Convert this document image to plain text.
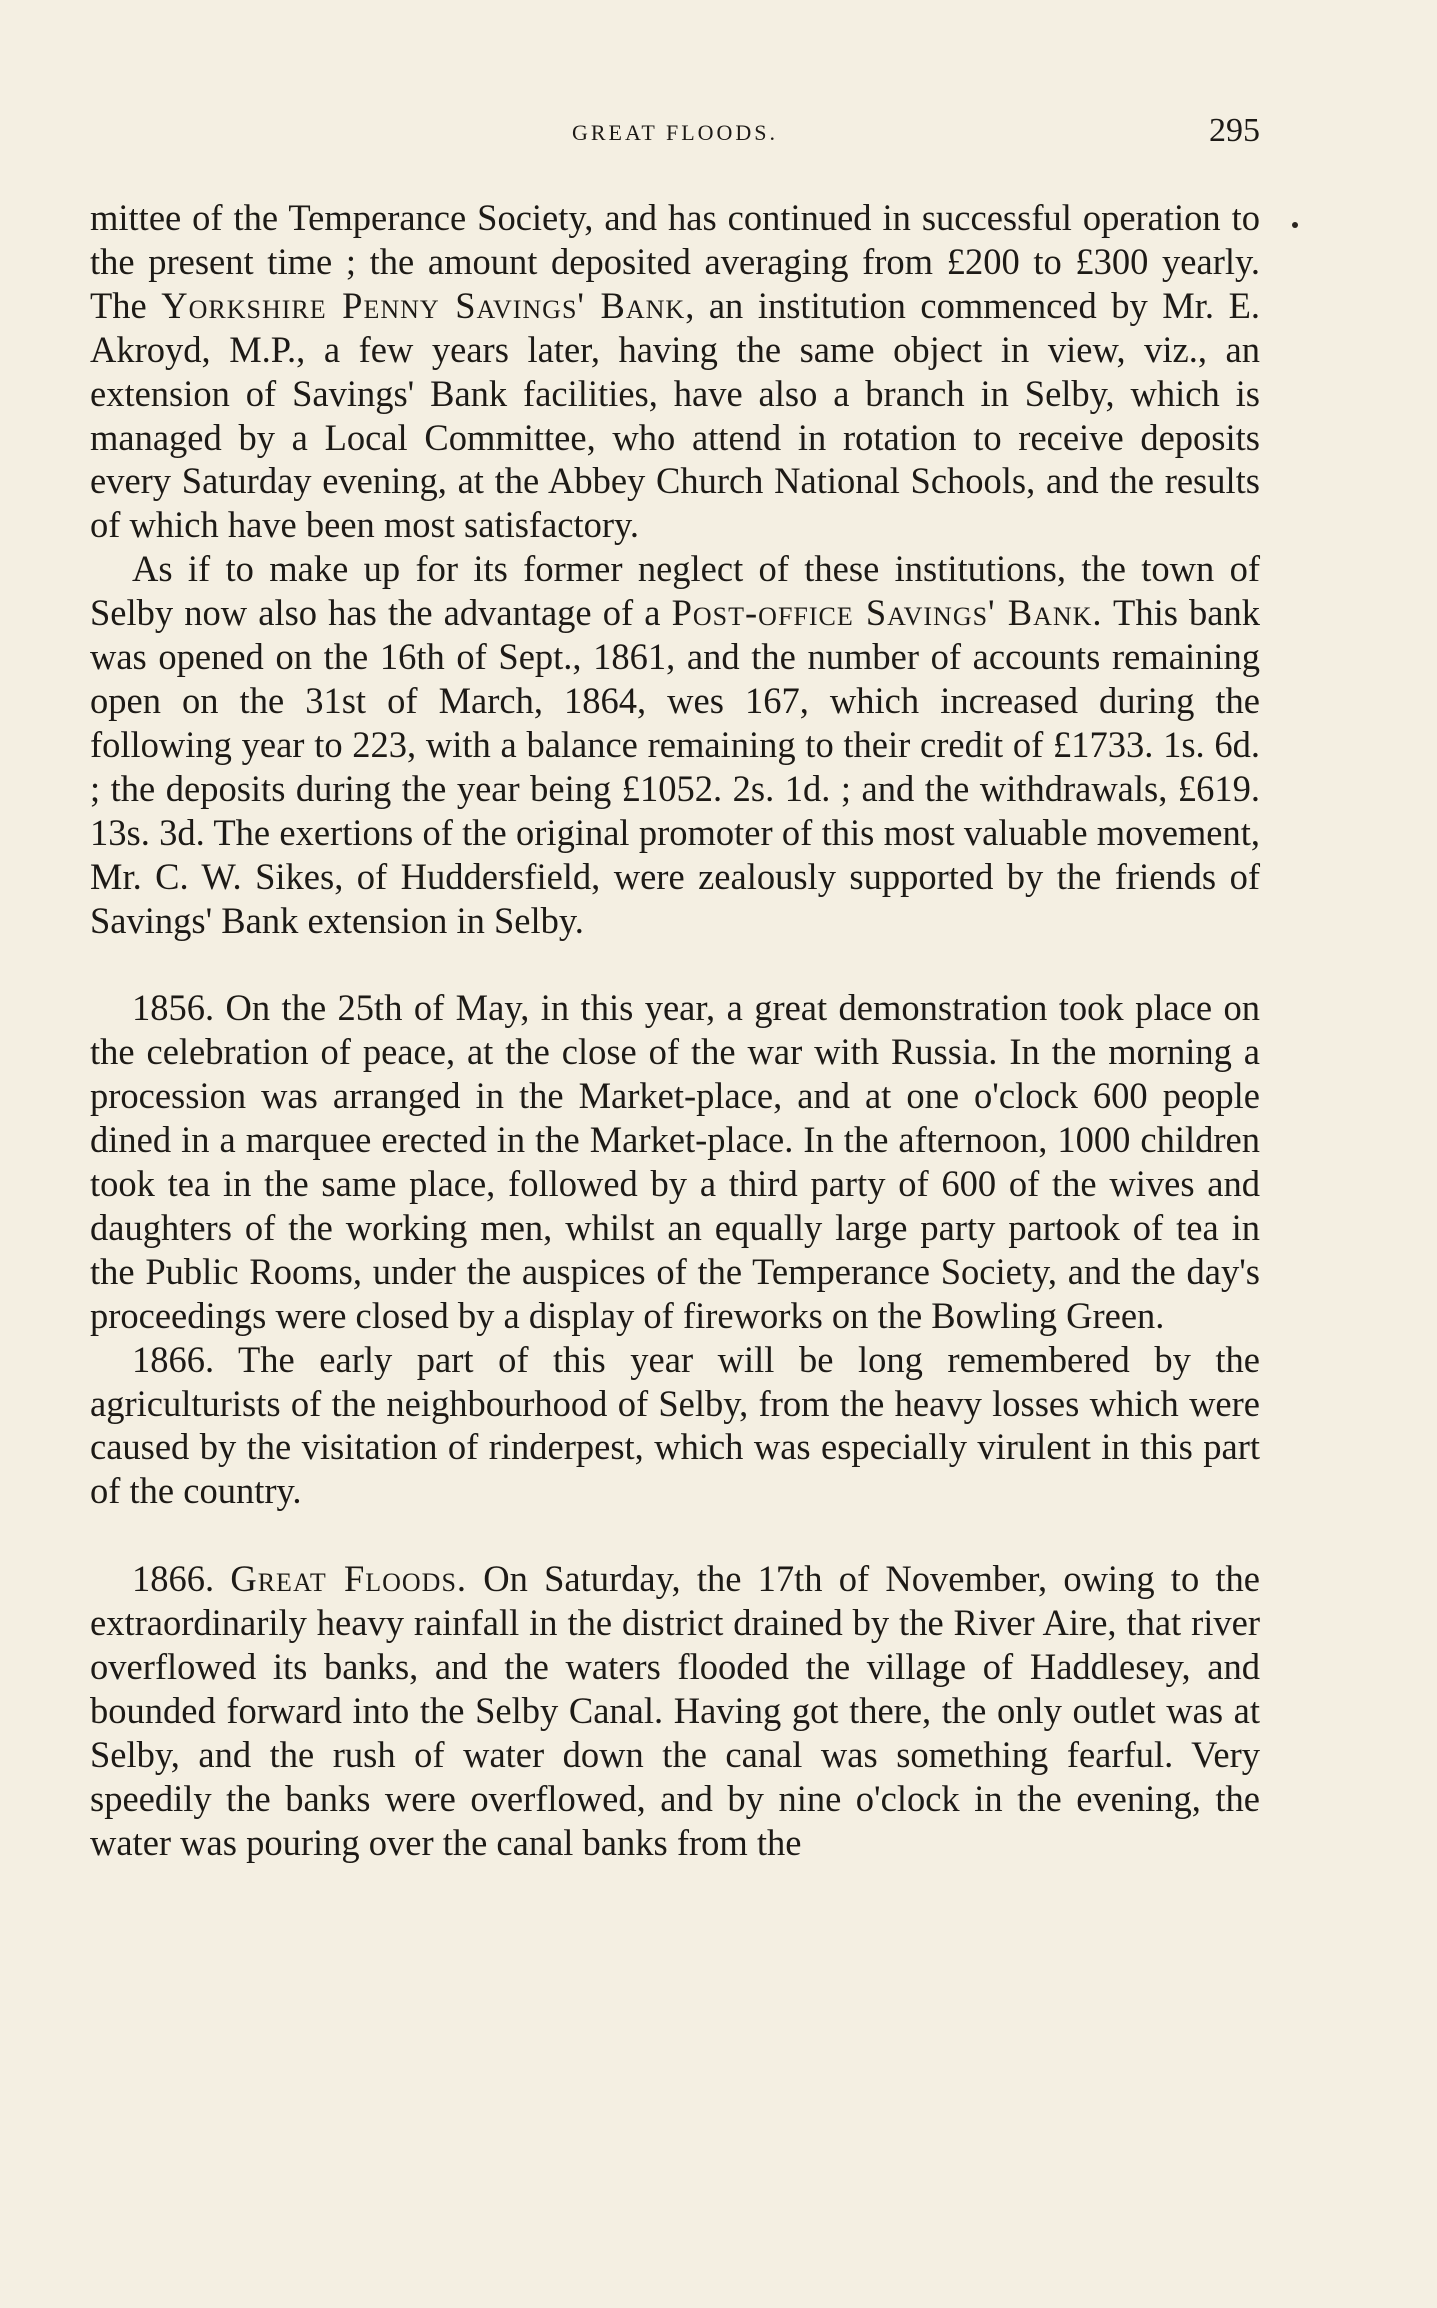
GREAT FLOODS.	295

mittee of the Temperance Society, and has continued in successful operation to the present time ; the amount deposited averaging from £200 to £300 yearly. The Yorkshire Penny Savings' Bank, an institution commenced by Mr. E. Akroyd, M.P., a few years later, having the same object in view, viz., an extension of Savings' Bank facilities, have also a branch in Selby, which is managed by a Local Committee, who attend in rotation to receive deposits every Saturday evening, at the Abbey Church National Schools, and the results of which have been most satisfactory.

As if to make up for its former neglect of these institutions, the town of Selby now also has the advantage of a Post-office Savings' Bank. This bank was opened on the 16th of Sept., 1861, and the number of accounts remaining open on the 31st of March, 1864, wes 167, which increased during the following year to 223, with a balance remaining to their credit of £1733. 1s. 6d. ; the deposits during the year being £1052. 2s. 1d. ; and the withdrawals, £619. 13s. 3d. The exertions of the original promoter of this most valuable movement, Mr. C. W. Sikes, of Huddersfield, were zealously supported by the friends of Savings' Bank extension in Selby.

1856. On the 25th of May, in this year, a great demonstration took place on the celebration of peace, at the close of the war with Russia. In the morning a procession was arranged in the Market-place, and at one o'clock 600 people dined in a marquee erected in the Market-place. In the afternoon, 1000 children took tea in the same place, followed by a third party of 600 of the wives and daughters of the working men, whilst an equally large party partook of tea in the Public Rooms, under the auspices of the Temperance Society, and the day's proceedings were closed by a display of fireworks on the Bowling Green.

1866. The early part of this year will be long remembered by the agriculturists of the neighbourhood of Selby, from the heavy losses which were caused by the visitation of rinderpest, which was especially virulent in this part of the country.

1866. Great Floods. On Saturday, the 17th of November, owing to the extraordinarily heavy rainfall in the district drained by the River Aire, that river overflowed its banks, and the waters flooded the village of Haddlesey, and bounded forward into the Selby Canal. Having got there, the only outlet was at Selby, and the rush of water down the canal was something fearful. Very speedily the banks were overflowed, and by nine o'clock in the evening, the water was pouring over the canal banks from the
